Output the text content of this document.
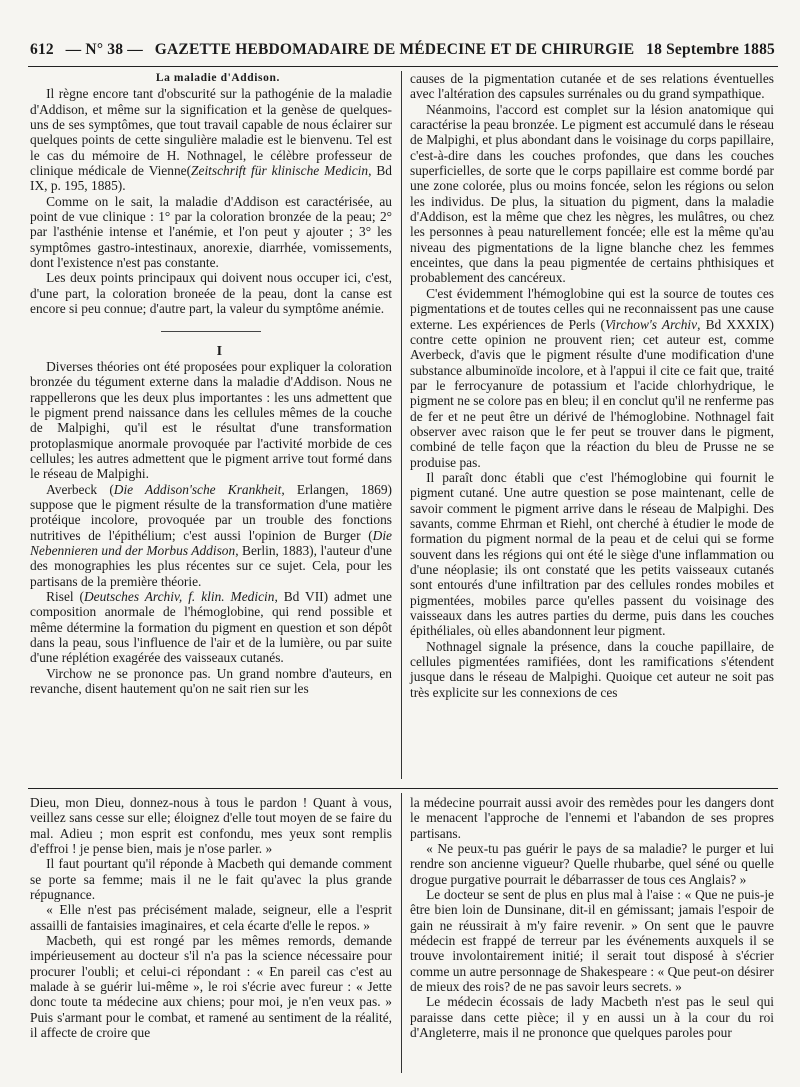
612 — N° 38 — GAZETTE HEBDOMADAIRE DE MÉDECINE ET DE CHIRURGIE 18 Septembre 1885

La maladie d'Addison.

Il règne encore tant d'obscurité sur la pathogénie de la maladie d'Addison, et même sur la signification et la genèse de quelques-uns de ses symptômes, que tout travail capable de nous éclairer sur quelques points de cette singulière maladie est le bienvenu. Tel est le cas du mémoire de H. Nothnagel, le célèbre professeur de clinique médicale de Vienne(Zeitschrift für klinische Medicin, Bd IX, p. 195, 1885).

Comme on le sait, la maladie d'Addison est caractérisée, au point de vue clinique : 1° par la coloration bronzée de la peau; 2° par l'asthénie intense et l'anémie, et l'on peut y ajouter ; 3° les symptômes gastro-intestinaux, anorexie, diarrhée, vomissements, dont l'existence n'est pas constante.

Les deux points principaux qui doivent nous occuper ici, c'est, d'une part, la coloration broneée de la peau, dont la canse est encore si peu connue; d'autre part, la valeur du symptôme anémie.

I

Diverses théories ont été proposées pour expliquer la coloration bronzée du tégument externe dans la maladie d'Addison. Nous ne rappellerons que les deux plus importantes : les uns admettent que le pigment prend naissance dans les cellules mêmes de la couche de Malpighi, qu'il est le résultat d'une transformation protoplasmique anormale provoquée par l'activité morbide de ces cellules; les autres admettent que le pigment arrive tout formé dans le réseau de Malpighi.

Averbeck (Die Addison'sche Krankheit, Erlangen, 1869) suppose que le pigment résulte de la transformation d'une matière protéique incolore, provoquée par un trouble des fonctions nutritives de l'épithélium; c'est aussi l'opinion de Burger (Die Nebennieren und der Morbus Addison, Berlin, 1883), l'auteur d'une des monographies les plus récentes sur ce sujet. Cela, pour les partisans de la première théorie.

Risel (Deutsches Archiv, f. klin. Medicin, Bd VII) admet une composition anormale de l'hémoglobine, qui rend possible et même détermine la formation du pigment en question et son dépôt dans la peau, sous l'influence de l'air et de la lumière, ou par suite d'une réplétion exagérée des vaisseaux cutanés.

Virchow ne se prononce pas. Un grand nombre d'auteurs, en revanche, disent hautement qu'on ne sait rien sur les

causes de la pigmentation cutanée et de ses relations éventuelles avec l'altération des capsules surrénales ou du grand sympathique.

Néanmoins, l'accord est complet sur la lésion anatomique qui caractérise la peau bronzée. Le pigment est accumulé dans le réseau de Malpighi, et plus abondant dans le voisinage du corps papillaire, c'est-à-dire dans les couches profondes, que dans les couches superficielles, de sorte que le corps papillaire est comme bordé par une zone colorée, plus ou moins foncée, selon les régions ou selon les individus. De plus, la situation du pigment, dans la maladie d'Addison, est la même que chez les nègres, les mulâtres, ou chez les personnes à peau naturellement foncée; elle est la même qu'au niveau des pigmentations de la ligne blanche chez les femmes enceintes, que dans la peau pigmentée de certains phthisiques et probablement des cancéreux.

C'est évidemment l'hémoglobine qui est la source de toutes ces pigmentations et de toutes celles qui ne reconnaissent pas une cause externe. Les expériences de Perls (Virchow's Archiv, Bd XXXIX) contre cette opinion ne prouvent rien; cet auteur est, comme Averbeck, d'avis que le pigment résulte d'une modification d'une substance albuminoïde incolore, et à l'appui il cite ce fait que, traité par le ferrocyanure de potassium et l'acide chlorhydrique, le pigment ne se colore pas en bleu; il en conclut qu'il ne renferme pas de fer et ne peut être un dérivé de l'hémoglobine. Nothnagel fait observer avec raison que le fer peut se trouver dans le pigment, combiné de telle façon que la réaction du bleu de Prusse ne se produise pas.

Il paraît donc établi que c'est l'hémoglobine qui fournit le pigment cutané. Une autre question se pose maintenant, celle de savoir comment le pigment arrive dans le réseau de Malpighi. Des savants, comme Ehrman et Riehl, ont cherché à étudier le mode de formation du pigment normal de la peau et de celui qui se forme souvent dans les régions qui ont été le siège d'une inflammation ou d'une néoplasie; ils ont constaté que les petits vaisseaux cutanés sont entourés d'une infiltration par des cellules rondes mobiles et pigmentées, mobiles parce qu'elles passent du voisinage des vaisseaux dans les autres parties du derme, puis dans les couches épithéliales, où elles abandonnent leur pigment.

Nothnagel signale la présence, dans la couche papillaire, de cellules pigmentées ramifiées, dont les ramifications s'étendent jusque dans le réseau de Malpighi. Quoique cet auteur ne soit pas très explicite sur les connexions de ces

Dieu, mon Dieu, donnez-nous à tous le pardon ! Quant à vous, veillez sans cesse sur elle; éloignez d'elle tout moyen de se faire du mal. Adieu ; mon esprit est confondu, mes yeux sont remplis d'effroi ! je pense bien, mais je n'ose parler. »

Il faut pourtant qu'il réponde à Macbeth qui demande comment se porte sa femme; mais il ne le fait qu'avec la plus grande répugnance.

« Elle n'est pas précisément malade, seigneur, elle a l'esprit assailli de fantaisies imaginaires, et cela écarte d'elle le repos. »

Macbeth, qui est rongé par les mêmes remords, demande impérieusement au docteur s'il n'a pas la science nécessaire pour procurer l'oubli; et celui-ci répondant : « En pareil cas c'est au malade à se guérir lui-même », le roi s'écrie avec fureur : « Jette donc toute ta médecine aux chiens; pour moi, je n'en veux pas. » Puis s'armant pour le combat, et ramené au sentiment de la réalité, il affecte de croire que

la médecine pourrait aussi avoir des remèdes pour les dangers dont le menacent l'approche de l'ennemi et l'abandon de ses propres partisans.

« Ne peux-tu pas guérir le pays de sa maladie? le purger et lui rendre son ancienne vigueur? Quelle rhubarbe, quel séné ou quelle drogue purgative pourrait le débarrasser de tous ces Anglais? »

Le docteur se sent de plus en plus mal à l'aise : « Que ne puis-je être bien loin de Dunsinane, dit-il en gémissant; jamais l'espoir de gain ne réussirait à m'y faire revenir. » On sent que le pauvre médecin est frappé de terreur par les événements auxquels il se trouve involontairement initié; il serait tout disposé à s'écrier comme un autre personnage de Shakespeare : « Que peut-on désirer de mieux des rois? de ne pas savoir leurs secrets. »

Le médecin écossais de lady Macbeth n'est pas le seul qui paraisse dans cette pièce; il y en aussi un à la cour du roi d'Angleterre, mais il ne prononce que quelques paroles pour
